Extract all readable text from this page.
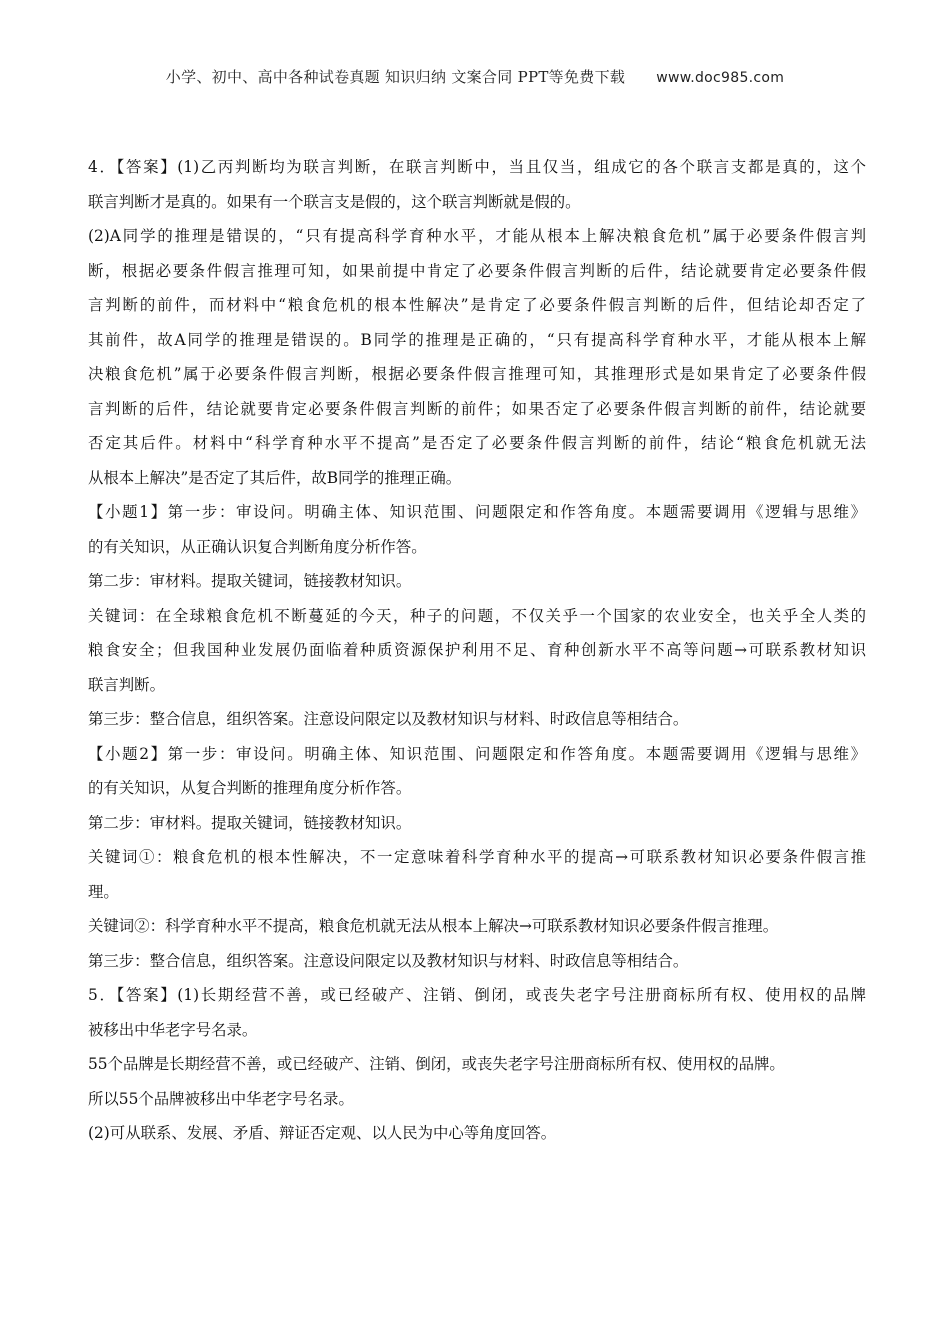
小学、初中、高中各种试卷真题 知识归纳 文案合同 PPT等免费下载 www.doc985.com
4．【答案】(1)乙丙判断均为联言判断，在联言判断中，当且仅当，组成它的各个联言支都是真的，这个
联言判断才是真的。如果有一个联言支是假的，这个联言判断就是假的。
(2)A同学的推理是错误的，“只有提高科学育种水平，才能从根本上解决粮食危机”属于必要条件假言判
断，根据必要条件假言推理可知，如果前提中肯定了必要条件假言判断的后件，结论就要肯定必要条件假
言判断的前件，而材料中“粮食危机的根本性解决”是肯定了必要条件假言判断的后件，但结论却否定了
其前件，故A同学的推理是错误的。B同学的推理是正确的，“只有提高科学育种水平，才能从根本上解
决粮食危机”属于必要条件假言判断，根据必要条件假言推理可知，其推理形式是如果肯定了必要条件假
言判断的后件，结论就要肯定必要条件假言判断的前件；如果否定了必要条件假言判断的前件，结论就要
否定其后件。材料中“科学育种水平不提高”是否定了必要条件假言判断的前件，结论“粮食危机就无法
从根本上解决”是否定了其后件，故B同学的推理正确。
【小题1】第一步：审设问。明确主体、知识范围、问题限定和作答角度。本题需要调用《逻辑与思维》
的有关知识，从正确认识复合判断角度分析作答。
第二步：审材料。提取关键词，链接教材知识。
关键词：在全球粮食危机不断蔓延的今天，种子的问题，不仅关乎一个国家的农业安全，也关乎全人类的
粮食安全；但我国种业发展仍面临着种质资源保护利用不足、育种创新水平不高等问题→可联系教材知识
联言判断。
第三步：整合信息，组织答案。注意设问限定以及教材知识与材料、时政信息等相结合。
【小题2】第一步：审设问。明确主体、知识范围、问题限定和作答角度。本题需要调用《逻辑与思维》
的有关知识，从复合判断的推理角度分析作答。
第二步：审材料。提取关键词，链接教材知识。
关键词①：粮食危机的根本性解决，不一定意味着科学育种水平的提高→可联系教材知识必要条件假言推
理。
关键词②：科学育种水平不提高，粮食危机就无法从根本上解决→可联系教材知识必要条件假言推理。
第三步：整合信息，组织答案。注意设问限定以及教材知识与材料、时政信息等相结合。
5．【答案】(1)长期经营不善，或已经破产、注销、倒闭，或丧失老字号注册商标所有权、使用权的品牌
被移出中华老字号名录。
55个品牌是长期经营不善，或已经破产、注销、倒闭，或丧失老字号注册商标所有权、使用权的品牌。
所以55个品牌被移出中华老字号名录。
(2)可从联系、发展、矛盾、辩证否定观、以人民为中心等角度回答。
